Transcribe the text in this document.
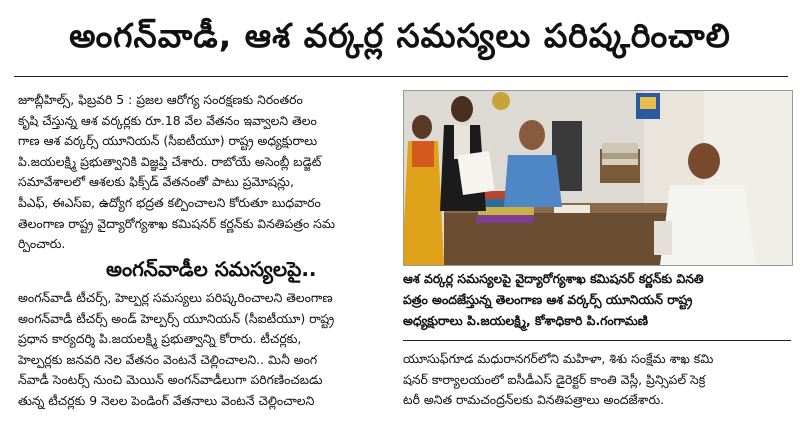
అంగన్‌వాడీ, ఆశ వర్కర్ల సమస్యలు పరిష్కరించాలి
జూబ్లీహిల్స్‌, ఫిబ్రవరి 5 : ప్రజల ఆరోగ్య సంరక్షణకు నిరంతరం
కృషి చేస్తున్న ఆశ వర్కర్లకు రూ.18 వేల వేతనం ఇవ్వాలని తెలం
గాణ ఆశ వర్కర్స్‌ యూనియన్‌ (సీఐటీయూ) రాష్ట్ర అధ్యక్షురాలు
పి.జయలక్ష్మి ప్రభుత్వానికి విజ్ఞప్తి చేశారు. రాబోయే అసెంబ్లీ బడ్జెట్‌
సమావేశాలలో ఆశలకు ఫిక్స్‌డ్‌ వేతనంతో పాటు ప్రమోషన్లు,
పీఎఫ్‌, ఈఎస్‌ఐ, ఉద్యోగ భద్రత కల్పించాలని కోరుతూ బుధవారం
తెలంగాణ రాష్ట్ర వైద్యారోగ్యశాఖ కమిషనర్‌ కర్ణన్‌కు వినతిపత్రం సమ
ర్పించారు.
అంగన్‌వాడీల సమస్యలపై..
అంగన్‌వాడీ టీచర్స్‌, హెల్పర్ల సమస్యలు పరిష్కరించాలని తెలంగాణ
అంగన్‌వాడీ టీచర్స్‌ అండ్‌ హెల్పర్స్‌ యూనియన్‌ (సీఐటీయూ) రాష్ట్ర
ప్రధాన కార్యదర్శి పి.జయలక్ష్మి ప్రభుత్వాన్ని కోరారు. టీచర్లకు,
హెల్పర్లకు జనవరి నెల వేతనం వెంటనే చెల్లించాలని.. మినీ అంగ
న్‌వాడీ సెంటర్స్‌ నుంచి మెయిన్‌ అంగన్‌వాడీలుగా పరిగణించబడు
తున్న టీచర్లకు 9 నెలల పెండింగ్‌ వేతనాలు వెంటనే చెల్లించాలని
ఆశ వర్కర్ల సమస్యలపై వైద్యారోగ్యశాఖ కమిషనర్‌ కర్ణన్‌కు వినతి
పత్రం అందజేస్తున్న తెలంగాణ ఆశ వర్కర్స్‌ యూనియన్‌ రాష్ట్ర
అధ్యక్షురాలు పి.జయలక్ష్మి, కోశాధికారి పి.గంగామణి
యూసుఫ్‌గూడ మధురానగర్‌లోని మహిళా, శిశు సంక్షేమ శాఖ కమి
షనర్‌ కార్యాలయంలో ఐసీడీఎస్‌ డైరెక్టర్‌ కాంతి వెస్లీ, ప్రిన్సిపల్‌ సెక్ర
టరీ అనిత రామచంద్రన్‌లకు వినతిపత్రాలు అందజేశారు.
